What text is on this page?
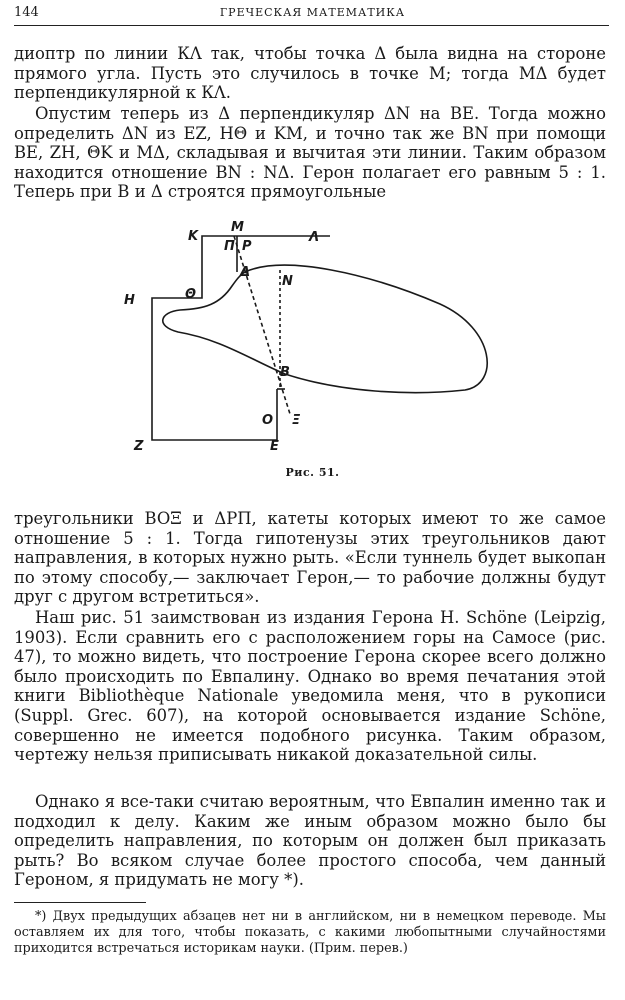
144	ГРЕЧЕСКАЯ МАТЕМАТИКА

диоптр по линии КΛ так, чтобы точка Δ была видна на стороне прямого угла. Пусть это случилось в точке М; тогда МΔ будет перпендикулярной к КΛ.

Опустим теперь из Δ перпендикуляр ΔN на BE. Тогда можно определить ΔN из EZ, HΘ и KM, и точно так же BN при помощи BE, ZH, ΘK и MΔ, складывая и вычитая эти линии. Таким образом находится отношение BN : NΔ. Герон полагает его равным 5 : 1. Теперь при В и Δ строятся прямоугольные

K
M
Λ
П P
Δ
N
Θ
H
B
O Ξ
Z	E
Рис. 51.

треугольники BOΞ и ΔРП, катеты которых имеют то же самое отношение 5 : 1. Тогда гипотенузы этих треугольников дают направления, в которых нужно рыть. «Если туннель будет выкопан по этому способу,— заключает Герон,— то рабочие должны будут друг с другом встретиться».

Наш рис. 51 заимствован из издания Герона H. Schöne (Leipzig, 1903). Если сравнить его с расположением горы на Самосе (рис. 47), то можно видеть, что построение Герона скорее всего должно было происходить по Евпалину. Однако во время печатания этой книги Bibliothèque Nationale уведомила меня, что в рукописи (Suppl. Grec. 607), на которой основывается издание Schöne, совершенно не имеется подобного рисунка. Таким образом, чертежу нельзя приписывать никакой доказательной силы.

Однако я все-таки считаю вероятным, что Евпалин именно так и подходил к делу. Каким же иным образом можно было бы определить направления, по которым он должен был приказать рыть? Во всяком случае более простого способа, чем данный Героном, я придумать не могу *).

*) Двух предыдущих абзацев нет ни в английском, ни в немецком переводе. Мы оставляем их для того, чтобы показать, с какими любопытными случайностями приходится встречаться историкам науки. (Прим. перев.)
